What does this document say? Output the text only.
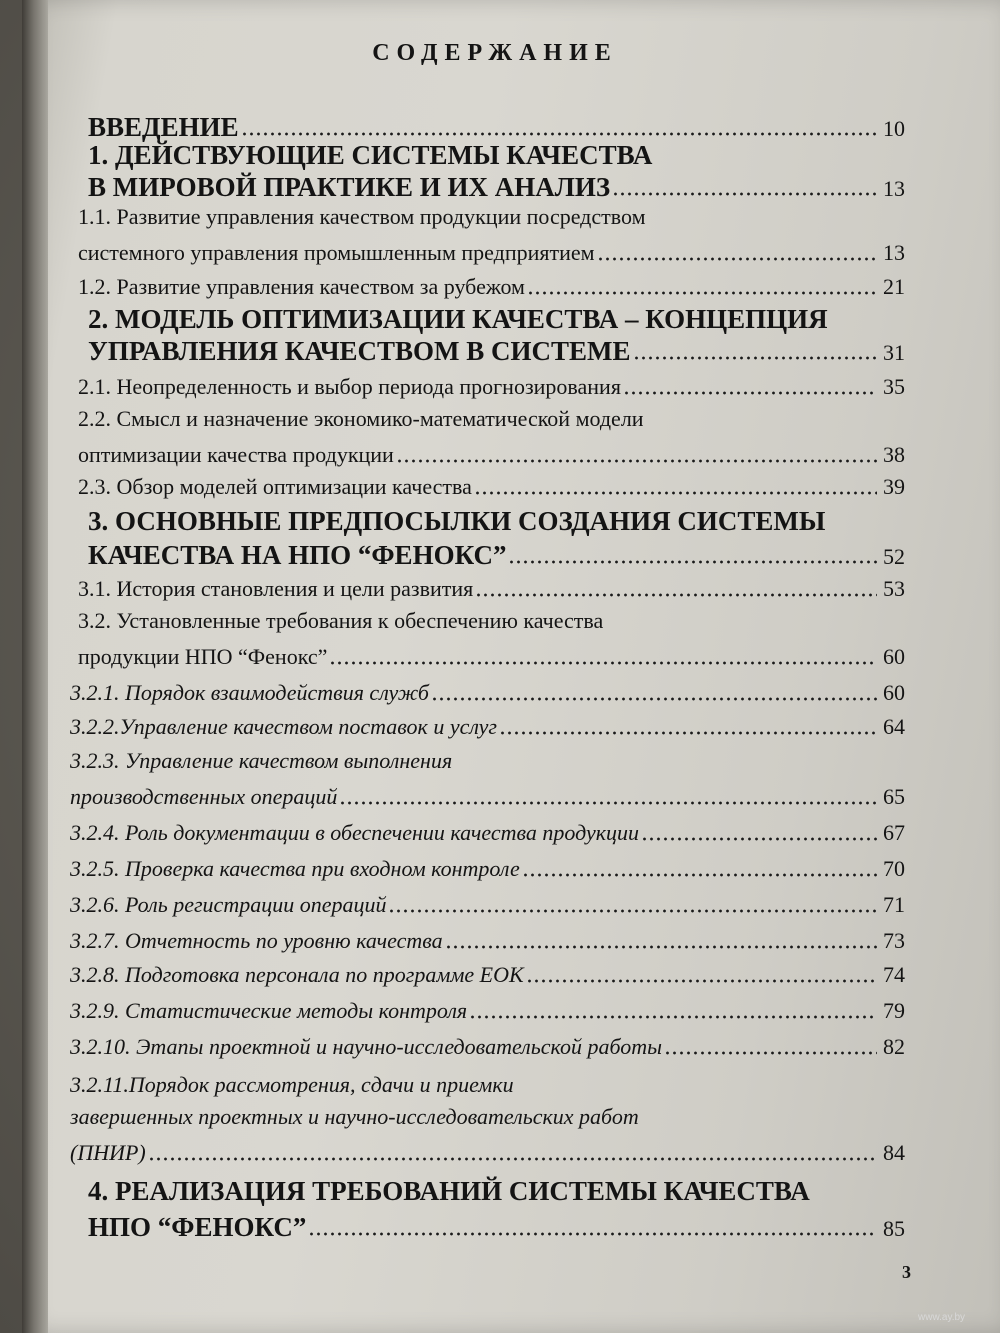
СОДЕРЖАНИЕ
ВВЕДЕНИЕ	10
1. ДЕЙСТВУЮЩИЕ СИСТЕМЫ КАЧЕСТВА
В МИРОВОЙ ПРАКТИКЕ И ИХ АНАЛИЗ	13
1.1. Развитие управления качеством продукции посредством
системного управления промышленным предприятием	13
1.2. Развитие управления качеством за рубежом	21
2. МОДЕЛЬ ОПТИМИЗАЦИИ КАЧЕСТВА – КОНЦЕПЦИЯ
УПРАВЛЕНИЯ КАЧЕСТВОМ В СИСТЕМЕ	31
2.1. Неопределенность и выбор периода прогнозирования	35
2.2. Смысл и назначение экономико-математической модели
оптимизации качества продукции	38
2.3. Обзор моделей оптимизации качества	39
3. ОСНОВНЫЕ ПРЕДПОСЫЛКИ СОЗДАНИЯ СИСТЕМЫ
КАЧЕСТВА НА НПО “ФЕНОКС”	52
3.1. История становления и цели развития	53
3.2. Установленные требования к обеспечению качества
продукции НПО “Фенокс”	60
3.2.1. Порядок взаимодействия служб	60
3.2.2.Управление качеством поставок и услуг	64
3.2.3. Управление качеством выполнения
производственных операций	65
3.2.4. Роль документации в обеспечении качества продукции	67
3.2.5. Проверка качества при входном контроле	70
3.2.6. Роль регистрации операций	71
3.2.7. Отчетность по уровню качества	73
3.2.8. Подготовка персонала по программе ЕОК	74
3.2.9. Статистические методы контроля	79
3.2.10. Этапы проектной и научно-исследовательской работы	82
3.2.11.Порядок рассмотрения, сдачи и приемки
завершенных проектных и научно-исследовательских работ
(ПНИР)	84
4. РЕАЛИЗАЦИЯ ТРЕБОВАНИЙ СИСТЕМЫ КАЧЕСТВА
НПО “ФЕНОКС”	85
3
www.ay.by
